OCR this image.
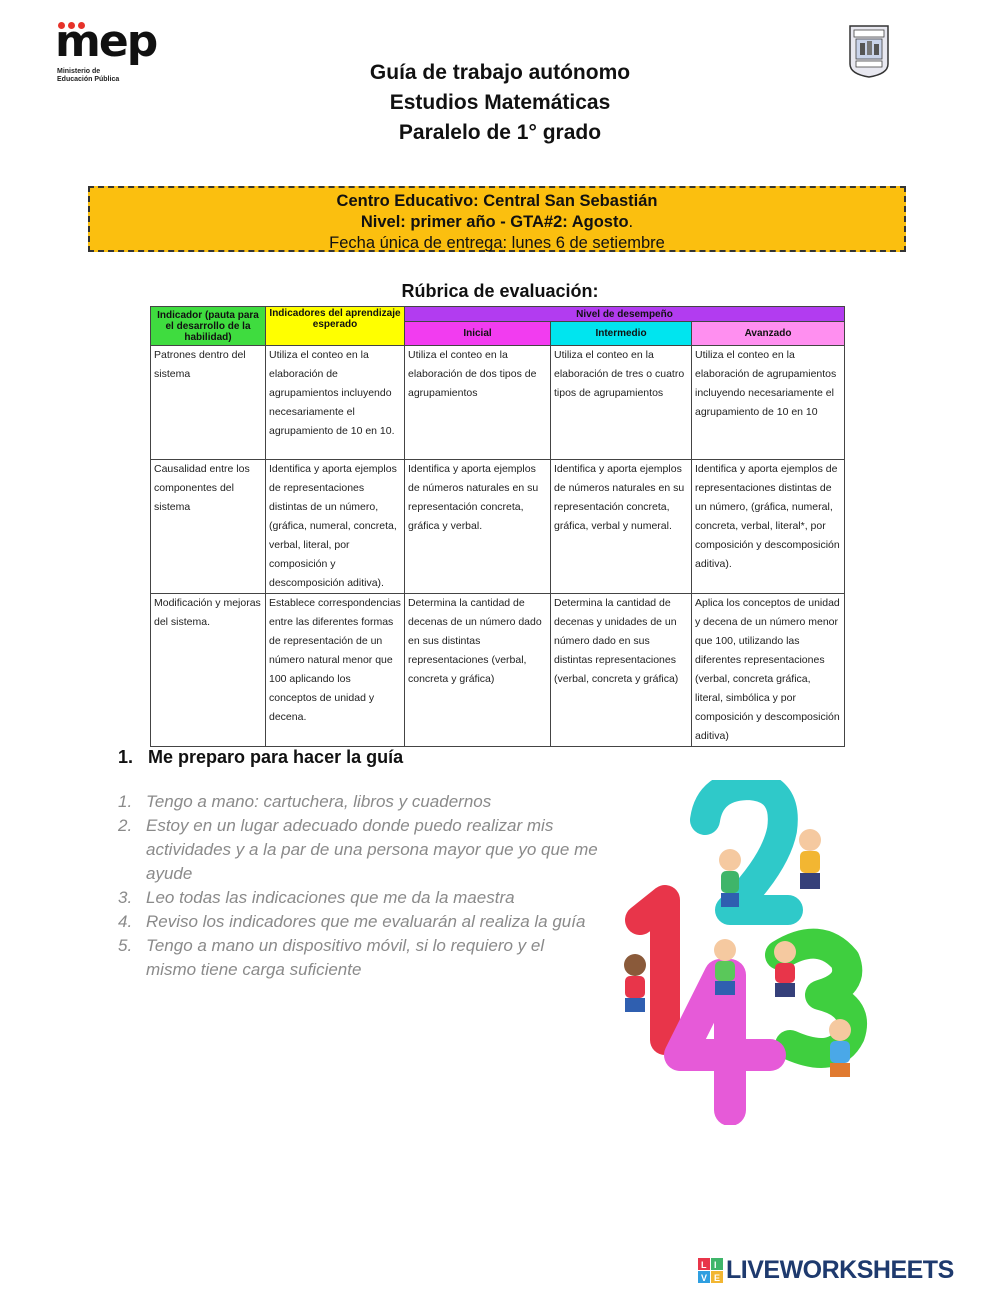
mep
Ministerio de
Educación Pública	Guía de trabajo autónomo
Estudios Matemáticas
Paralelo de 1° grado
Centro Educativo: Central San Sebastián
Nivel: primer año - GTA#2: Agosto.
Fecha única de entrega: lunes 6 de setiembre
Rúbrica de evaluación:
Indicador (pauta para el desarrollo de la habilidad)	Indicadores del aprendizaje esperado	Nivel de desempeño		
		Inicial	Intermedio	Avanzado
Patrones dentro del sistema	Utiliza el conteo en la elaboración de agrupamientos incluyendo necesariamente el agrupamiento de 10 en 10.	Utiliza el conteo en la elaboración de dos tipos de agrupamientos	Utiliza el conteo en la elaboración de tres o cuatro tipos de agrupamientos	Utiliza el conteo en la elaboración de agrupamientos incluyendo necesariamente el agrupamiento de 10 en 10
Causalidad entre los componentes del sistema	Identifica y aporta ejemplos de representaciones distintas de un número, (gráfica, numeral, concreta, verbal, literal, por composición y descomposición aditiva).	Identifica y aporta ejemplos de números naturales en su representación concreta, gráfica y verbal.	Identifica y aporta ejemplos de números naturales en su representación concreta, gráfica, verbal y numeral.	Identifica y aporta ejemplos de representaciones distintas de un número, (gráfica, numeral, concreta, verbal, literal*, por composición y descomposición aditiva).
Modificación y mejoras del sistema.	Establece correspondencias entre las diferentes formas de representación de un número natural menor que 100 aplicando los conceptos de unidad y decena.	Determina la cantidad de decenas de un número dado en sus distintas representaciones (verbal, concreta y gráfica)	Determina la cantidad de decenas y unidades de un número dado en sus distintas representaciones (verbal, concreta y gráfica)	Aplica los conceptos de unidad y decena de un número menor que 100, utilizando las diferentes representaciones (verbal, concreta gráfica, literal, simbólica y por composición y descomposición aditiva)
1. Me preparo para hacer la guía
1. Tengo a mano: cartuchera, libros y cuadernos
2. Estoy en un lugar adecuado donde puedo realizar mis actividades y a la par de una persona mayor que yo que me ayude
3. Leo todas las indicaciones que me da la maestra
4. Reviso los indicadores que me evaluarán al realiza la guía
5. Tengo a mano un dispositivo móvil, si lo requiero y el mismo tiene carga suficiente
L I
V E LIVEWORKSHEETS
